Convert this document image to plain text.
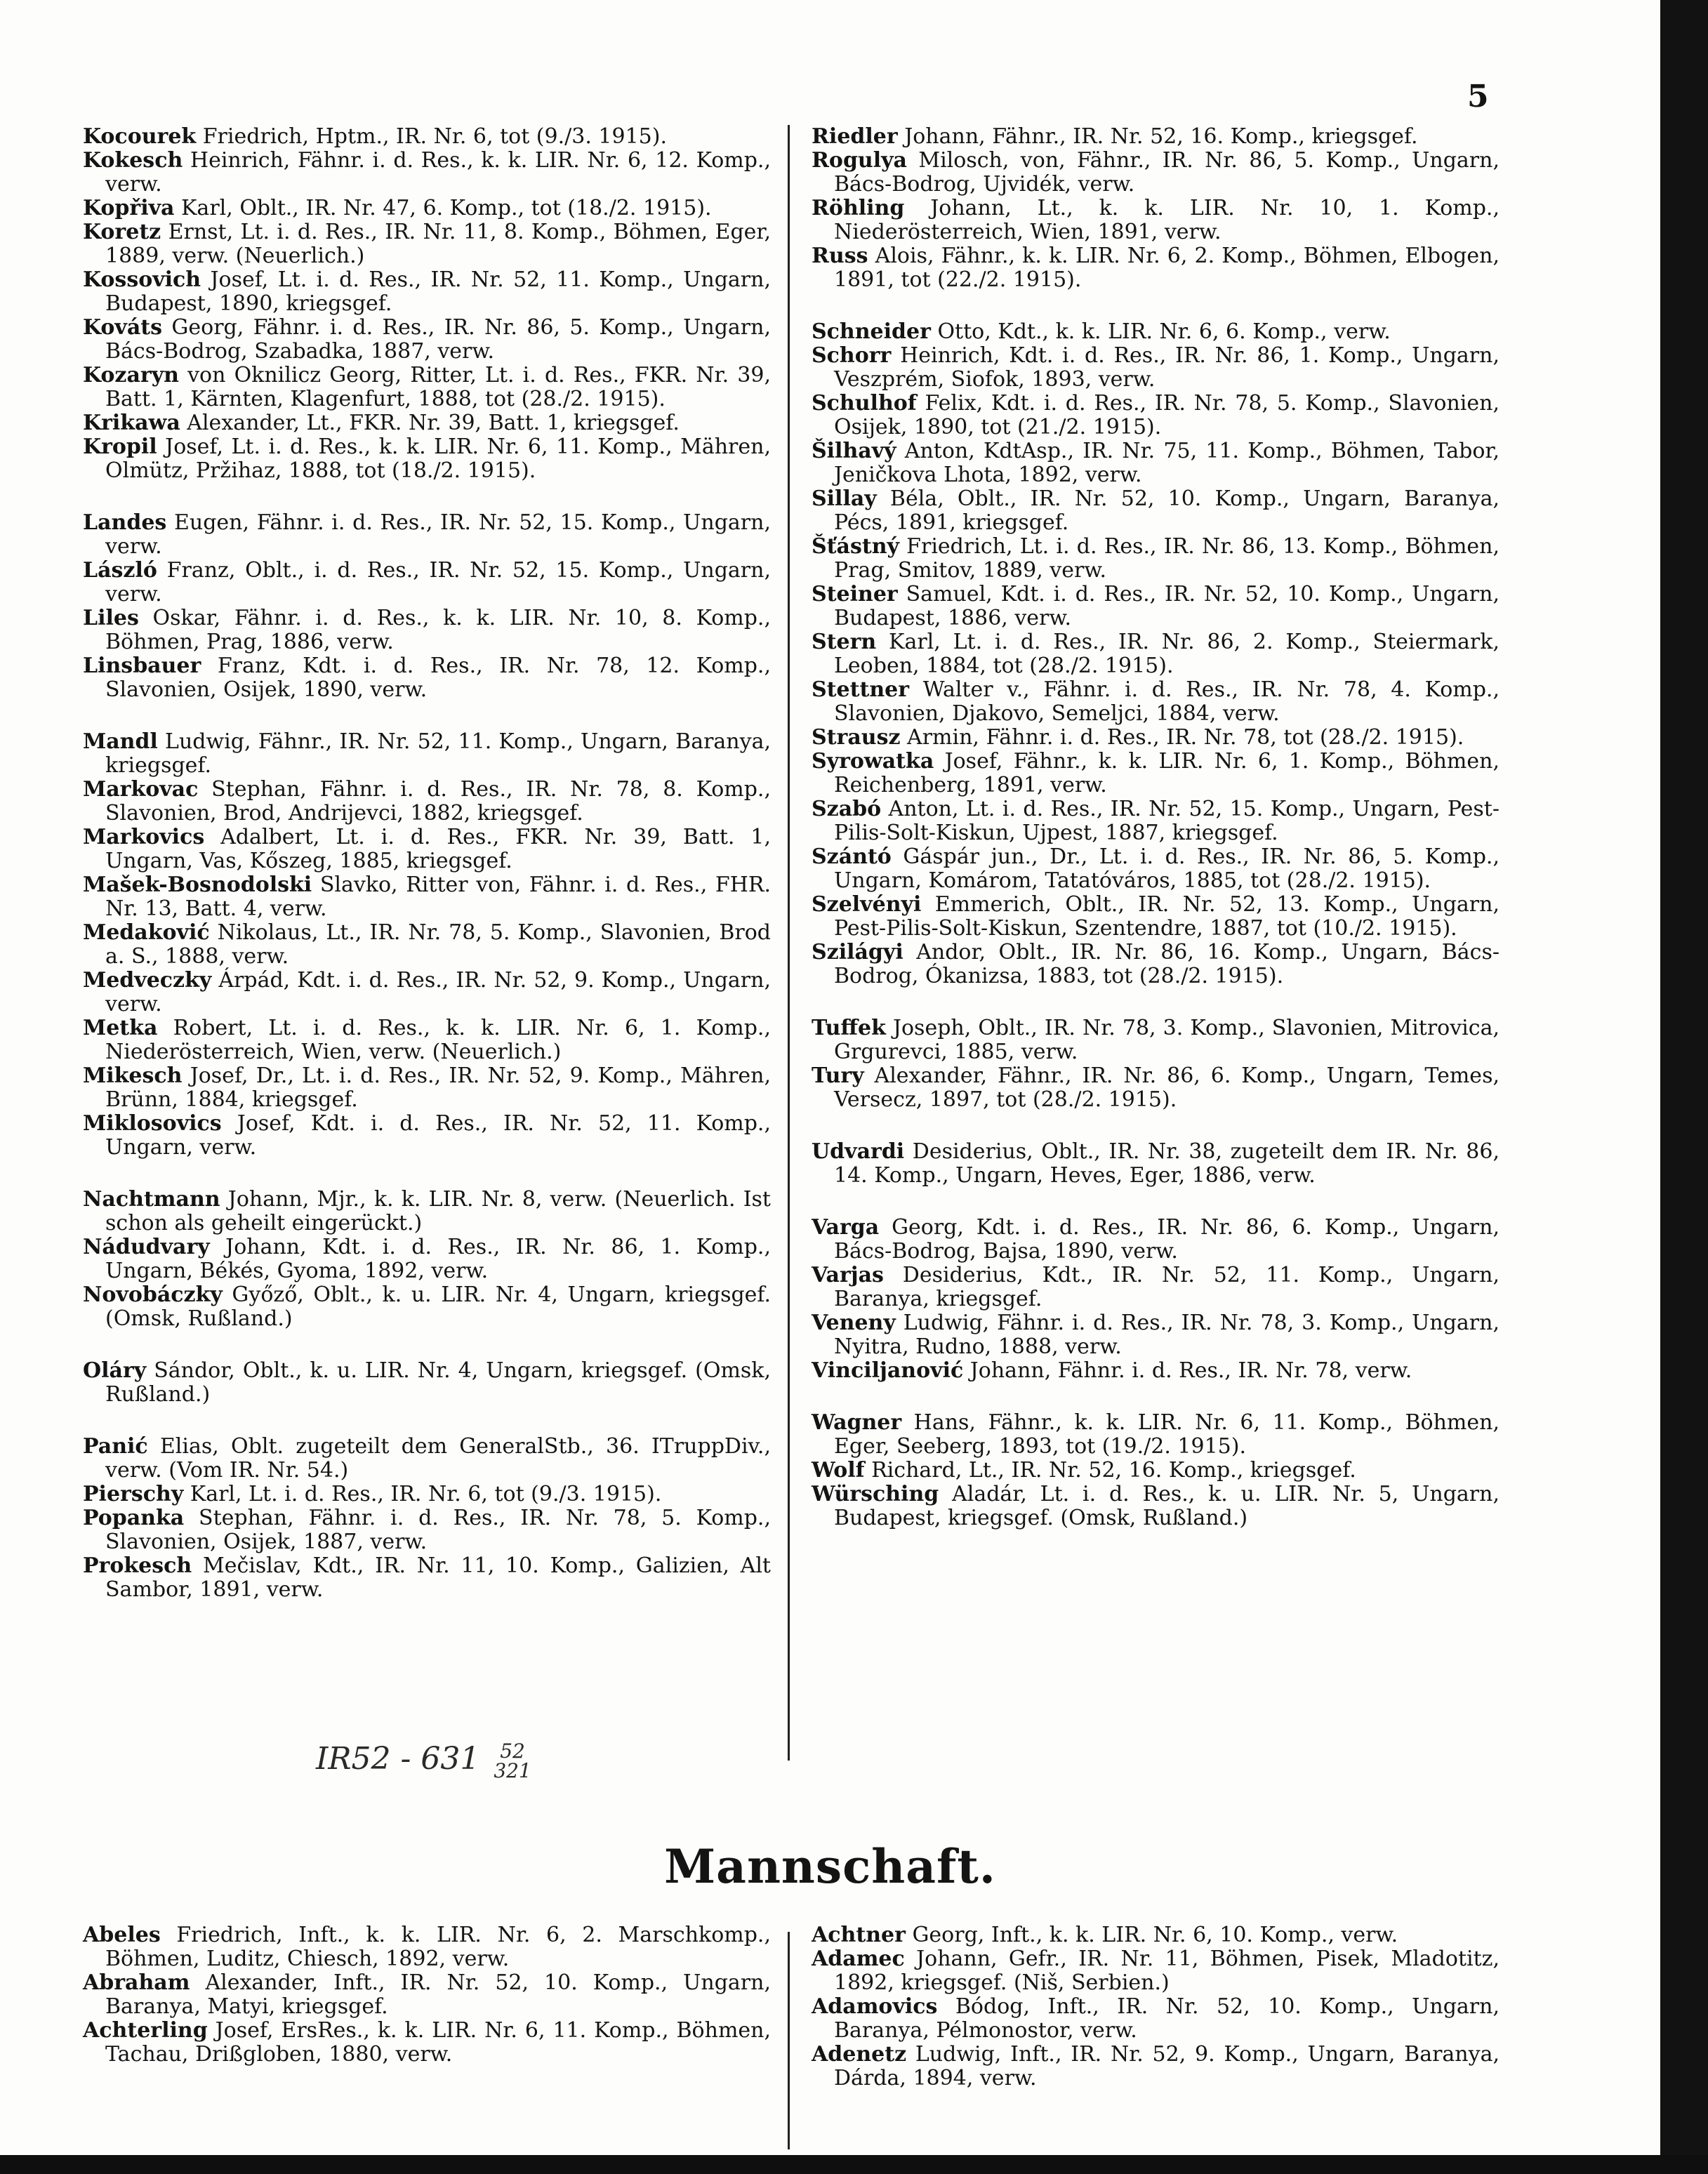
5

Kocourek Friedrich, Hptm., IR. Nr. 6, tot (9./3. 1915).

Kokesch Heinrich, Fähnr. i. d. Res., k. k. LIR. Nr. 6, 12. Komp., verw.

Kopřiva Karl, Oblt., IR. Nr. 47, 6. Komp., tot (18./2. 1915).

Koretz Ernst, Lt. i. d. Res., IR. Nr. 11, 8. Komp., Böhmen, Eger, 1889, verw. (Neuerlich.)

Kossovich Josef, Lt. i. d. Res., IR. Nr. 52, 11. Komp., Ungarn, Budapest, 1890, kriegsgef.

Kováts Georg, Fähnr. i. d. Res., IR. Nr. 86, 5. Komp., Ungarn, Bács-Bodrog, Szabadka, 1887, verw.

Kozaryn von Oknilicz Georg, Ritter, Lt. i. d. Res., FKR. Nr. 39, Batt. 1, Kärnten, Klagenfurt, 1888, tot (28./2. 1915).

Krikawa Alexander, Lt., FKR. Nr. 39, Batt. 1, kriegsgef.

Kropil Josef, Lt. i. d. Res., k. k. LIR. Nr. 6, 11. Komp., Mähren, Olmütz, Pržihaz, 1888, tot (18./2. 1915).

Landes Eugen, Fähnr. i. d. Res., IR. Nr. 52, 15. Komp., Ungarn, verw.

László Franz, Oblt., i. d. Res., IR. Nr. 52, 15. Komp., Ungarn, verw.

Liles Oskar, Fähnr. i. d. Res., k. k. LIR. Nr. 10, 8. Komp., Böhmen, Prag, 1886, verw.

Linsbauer Franz, Kdt. i. d. Res., IR. Nr. 78, 12. Komp., Slavonien, Osijek, 1890, verw.

Mandl Ludwig, Fähnr., IR. Nr. 52, 11. Komp., Ungarn, Baranya, kriegsgef.

Markovac Stephan, Fähnr. i. d. Res., IR. Nr. 78, 8. Komp., Slavonien, Brod, Andrijevci, 1882, kriegsgef.

Markovics Adalbert, Lt. i. d. Res., FKR. Nr. 39, Batt. 1, Ungarn, Vas, Kőszeg, 1885, kriegsgef.

Mašek-Bosnodolski Slavko, Ritter von, Fähnr. i. d. Res., FHR. Nr. 13, Batt. 4, verw.

Medaković Nikolaus, Lt., IR. Nr. 78, 5. Komp., Slavonien, Brod a. S., 1888, verw.

Medveczky Árpád, Kdt. i. d. Res., IR. Nr. 52, 9. Komp., Ungarn, verw.

Metka Robert, Lt. i. d. Res., k. k. LIR. Nr. 6, 1. Komp., Niederösterreich, Wien, verw. (Neuerlich.)

Mikesch Josef, Dr., Lt. i. d. Res., IR. Nr. 52, 9. Komp., Mähren, Brünn, 1884, kriegsgef.

Miklosovics Josef, Kdt. i. d. Res., IR. Nr. 52, 11. Komp., Ungarn, verw.

Nachtmann Johann, Mjr., k. k. LIR. Nr. 8, verw. (Neuerlich. Ist schon als geheilt eingerückt.)

Nádudvary Johann, Kdt. i. d. Res., IR. Nr. 86, 1. Komp., Ungarn, Békés, Gyoma, 1892, verw.

Novobáczky Győző, Oblt., k. u. LIR. Nr. 4, Ungarn, kriegsgef. (Omsk, Rußland.)

Oláry Sándor, Oblt., k. u. LIR. Nr. 4, Ungarn, kriegsgef. (Omsk, Rußland.)

Panić Elias, Oblt. zugeteilt dem GeneralStb., 36. ITruppDiv., verw. (Vom IR. Nr. 54.)

Pierschy Karl, Lt. i. d. Res., IR. Nr. 6, tot (9./3. 1915).

Popanka Stephan, Fähnr. i. d. Res., IR. Nr. 78, 5. Komp., Slavonien, Osijek, 1887, verw.

Prokesch Mečislav, Kdt., IR. Nr. 11, 10. Komp., Galizien, Alt Sambor, 1891, verw.

Riedler Johann, Fähnr., IR. Nr. 52, 16. Komp., kriegsgef.

Rogulya Milosch, von, Fähnr., IR. Nr. 86, 5. Komp., Ungarn, Bács-Bodrog, Ujvidék, verw.

Röhling Johann, Lt., k. k. LIR. Nr. 10, 1. Komp., Niederösterreich, Wien, 1891, verw.

Russ Alois, Fähnr., k. k. LIR. Nr. 6, 2. Komp., Böhmen, Elbogen, 1891, tot (22./2. 1915).

Schneider Otto, Kdt., k. k. LIR. Nr. 6, 6. Komp., verw.

Schorr Heinrich, Kdt. i. d. Res., IR. Nr. 86, 1. Komp., Ungarn, Veszprém, Siofok, 1893, verw.

Schulhof Felix, Kdt. i. d. Res., IR. Nr. 78, 5. Komp., Slavonien, Osijek, 1890, tot (21./2. 1915).

Šilhavý Anton, KdtAsp., IR. Nr. 75, 11. Komp., Böhmen, Tabor, Jeničkova Lhota, 1892, verw.

Sillay Béla, Oblt., IR. Nr. 52, 10. Komp., Ungarn, Baranya, Pécs, 1891, kriegsgef.

Šťástný Friedrich, Lt. i. d. Res., IR. Nr. 86, 13. Komp., Böhmen, Prag, Smitov, 1889, verw.

Steiner Samuel, Kdt. i. d. Res., IR. Nr. 52, 10. Komp., Ungarn, Budapest, 1886, verw.

Stern Karl, Lt. i. d. Res., IR. Nr. 86, 2. Komp., Steiermark, Leoben, 1884, tot (28./2. 1915).

Stettner Walter v., Fähnr. i. d. Res., IR. Nr. 78, 4. Komp., Slavonien, Djakovo, Semeljci, 1884, verw.

Strausz Armin, Fähnr. i. d. Res., IR. Nr. 78, tot (28./2. 1915).

Syrowatka Josef, Fähnr., k. k. LIR. Nr. 6, 1. Komp., Böhmen, Reichenberg, 1891, verw.

Szabó Anton, Lt. i. d. Res., IR. Nr. 52, 15. Komp., Ungarn, Pest-Pilis-Solt-Kiskun, Ujpest, 1887, kriegsgef.

Szántó Gáspár jun., Dr., Lt. i. d. Res., IR. Nr. 86, 5. Komp., Ungarn, Komárom, Tatatóváros, 1885, tot (28./2. 1915).

Szelvényi Emmerich, Oblt., IR. Nr. 52, 13. Komp., Ungarn, Pest-Pilis-Solt-Kiskun, Szentendre, 1887, tot (10./2. 1915).

Szilágyi Andor, Oblt., IR. Nr. 86, 16. Komp., Ungarn, Bács-Bodrog, Ókanizsa, 1883, tot (28./2. 1915).

Tuffek Joseph, Oblt., IR. Nr. 78, 3. Komp., Slavonien, Mitrovica, Grgurevci, 1885, verw.

Tury Alexander, Fähnr., IR. Nr. 86, 6. Komp., Ungarn, Temes, Versecz, 1897, tot (28./2. 1915).

Udvardi Desiderius, Oblt., IR. Nr. 38, zugeteilt dem IR. Nr. 86, 14. Komp., Ungarn, Heves, Eger, 1886, verw.

Varga Georg, Kdt. i. d. Res., IR. Nr. 86, 6. Komp., Ungarn, Bács-Bodrog, Bajsa, 1890, verw.

Varjas Desiderius, Kdt., IR. Nr. 52, 11. Komp., Ungarn, Baranya, kriegsgef.

Veneny Ludwig, Fähnr. i. d. Res., IR. Nr. 78, 3. Komp., Ungarn, Nyitra, Rudno, 1888, verw.

Vinciljanović Johann, Fähnr. i. d. Res., IR. Nr. 78, verw.

Wagner Hans, Fähnr., k. k. LIR. Nr. 6, 11. Komp., Böhmen, Eger, Seeberg, 1893, tot (19./2. 1915).

Wolf Richard, Lt., IR. Nr. 52, 16. Komp., kriegsgef.

Würsching Aladár, Lt. i. d. Res., k. u. LIR. Nr. 5, Ungarn, Budapest, kriegsgef. (Omsk, Rußland.)

IR52 - 631 52
321
Mannschaft.

Abeles Friedrich, Inft., k. k. LIR. Nr. 6, 2. Marschkomp., Böhmen, Luditz, Chiesch, 1892, verw.

Abraham Alexander, Inft., IR. Nr. 52, 10. Komp., Ungarn, Baranya, Matyi, kriegsgef.

Achterling Josef, ErsRes., k. k. LIR. Nr. 6, 11. Komp., Böhmen, Tachau, Drißgloben, 1880, verw.

Achtner Georg, Inft., k. k. LIR. Nr. 6, 10. Komp., verw.

Adamec Johann, Gefr., IR. Nr. 11, Böhmen, Pisek, Mladotitz, 1892, kriegsgef. (Niš, Serbien.)

Adamovics Bódog, Inft., IR. Nr. 52, 10. Komp., Ungarn, Baranya, Pélmonostor, verw.

Adenetz Ludwig, Inft., IR. Nr. 52, 9. Komp., Ungarn, Baranya, Dárda, 1894, verw.
